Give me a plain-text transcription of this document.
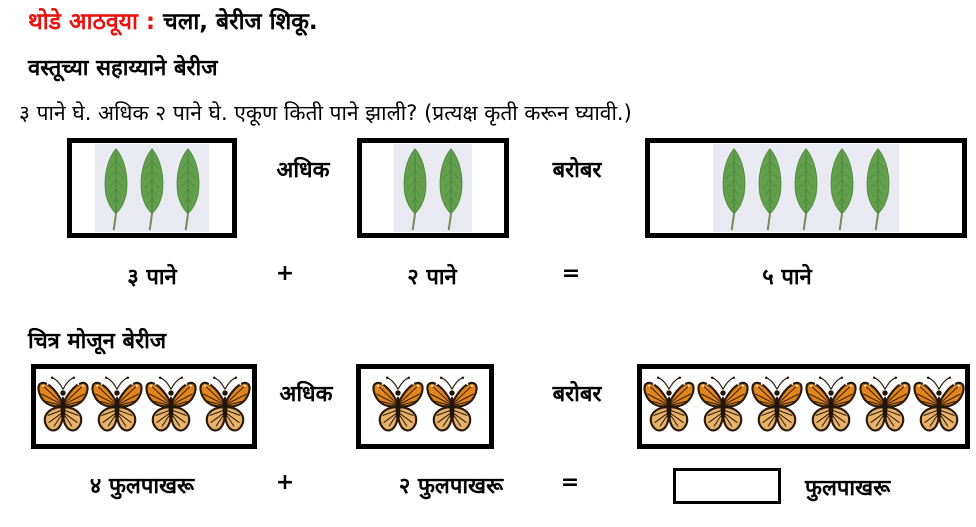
थोडे आठवूया : चला, बेरीज शिकू.
वस्तूच्या सहाय्याने बेरीज
३ पाने घे. अधिक २ पाने घे. एकूण किती पाने झाली? (प्रत्यक्ष कृती करून घ्यावी.)
अधिक	बरोबर
३ पाने	+	२ पाने	=	५ पाने
चित्र मोजून बेरीज
अधिक	बरोबर
४ फुलपाखरू	+	२ फुलपाखरू	=	फुलपाखरू
